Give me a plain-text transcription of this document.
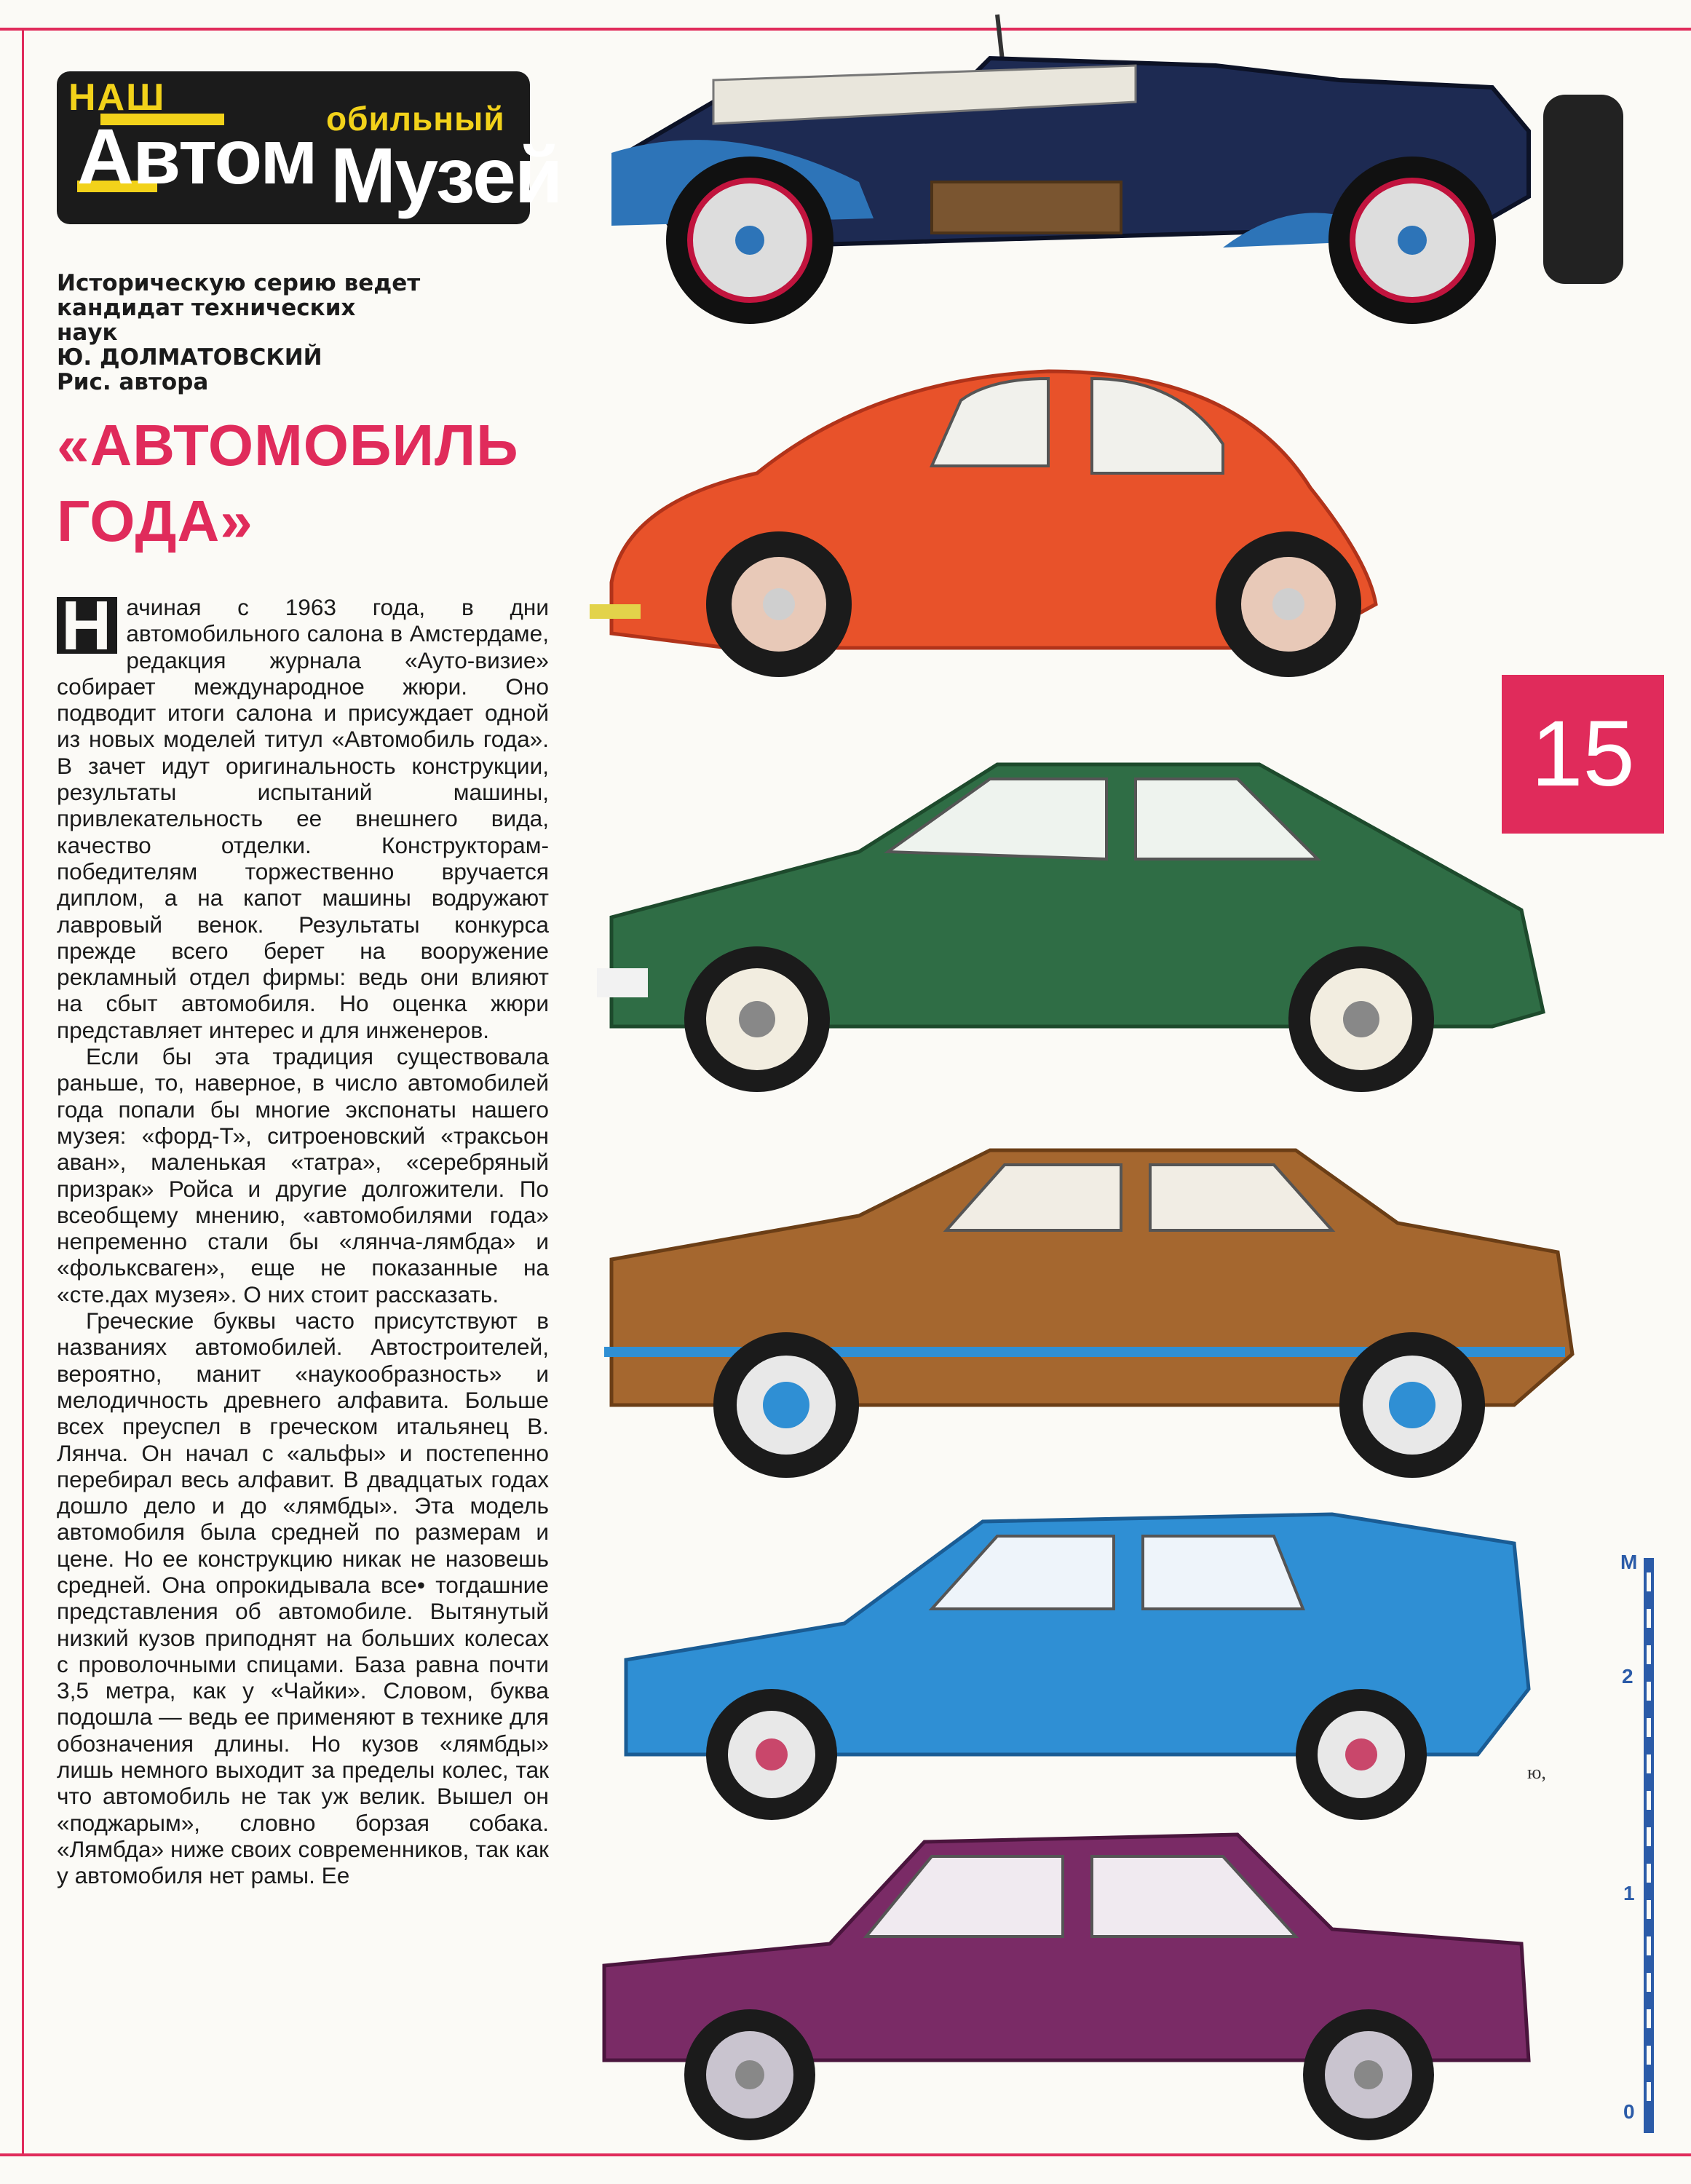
НАШ
Автом обильный
Музей
Историческую серию ведет
кандидат технических
наук
Ю. ДОЛМАТОВСКИЙ
Рис. автора
«АВТОМОБИЛЬ
ГОДА»

Н ачиная с 1963 года, в дни автомобильного салона в Амстердаме, редакция журнала «Ауто-визие» собирает международное жюри. Оно подводит итоги салона и присуждает одной из новых моделей титул «Автомобиль года». В зачет идут оригинальность конструкции, результаты испытаний машины, привлекательность ее внешнего вида, качество отделки. Конструкторам-победителям торжественно вручается диплом, а на капот машины водружают лавровый венок. Результаты конкурса прежде всего берет на вооружение рекламный отдел фирмы: ведь они влияют на сбыт автомобиля. Но оценка жюри представляет интерес и для инженеров.

Если бы эта традиция существовала раньше, то, наверное, в число автомобилей года попали бы многие экспонаты нашего музея: «форд-Т», ситроеновский «траксьон аван», маленькая «татра», «серебряный призрак» Ройса и другие долгожители. По всеобщему мнению, «автомобилями года» непременно стали бы «лянча-лямбда» и «фольксваген», еще не показанные на «сте.дах музея». О них стоит рассказать.

Греческие буквы часто присутствуют в названиях автомобилей. Автостроителей, вероятно, манит «наукообразность» и мелодичность древнего алфавита. Больше всех преуспел в греческом итальянец В. Лянча. Он начал с «альфы» и постепенно перебирал весь алфавит. В двадцатых годах дошло дело и до «лямбды». Эта модель автомобиля была средней по размерам и цене. Но ее конструкцию никак не назовешь средней. Она опрокидывала все• тогдашние представления об автомобиле. Вытянутый низкий кузов приподнят на больших колесах с проволочными спицами. База равна почти 3,5 метра, как у «Чайки». Словом, буква подошла — ведь ее применяют в технике для обозначения длины. Но кузов «лямбды» лишь немного выходит за пределы колес, так что автомобиль не так уж велик. Вышел он «поджарым», словно борзая собака. «Лямбда» ниже своих современников, так как у автомобиля нет рамы. Ее

15
М
2
1
0
ю,
